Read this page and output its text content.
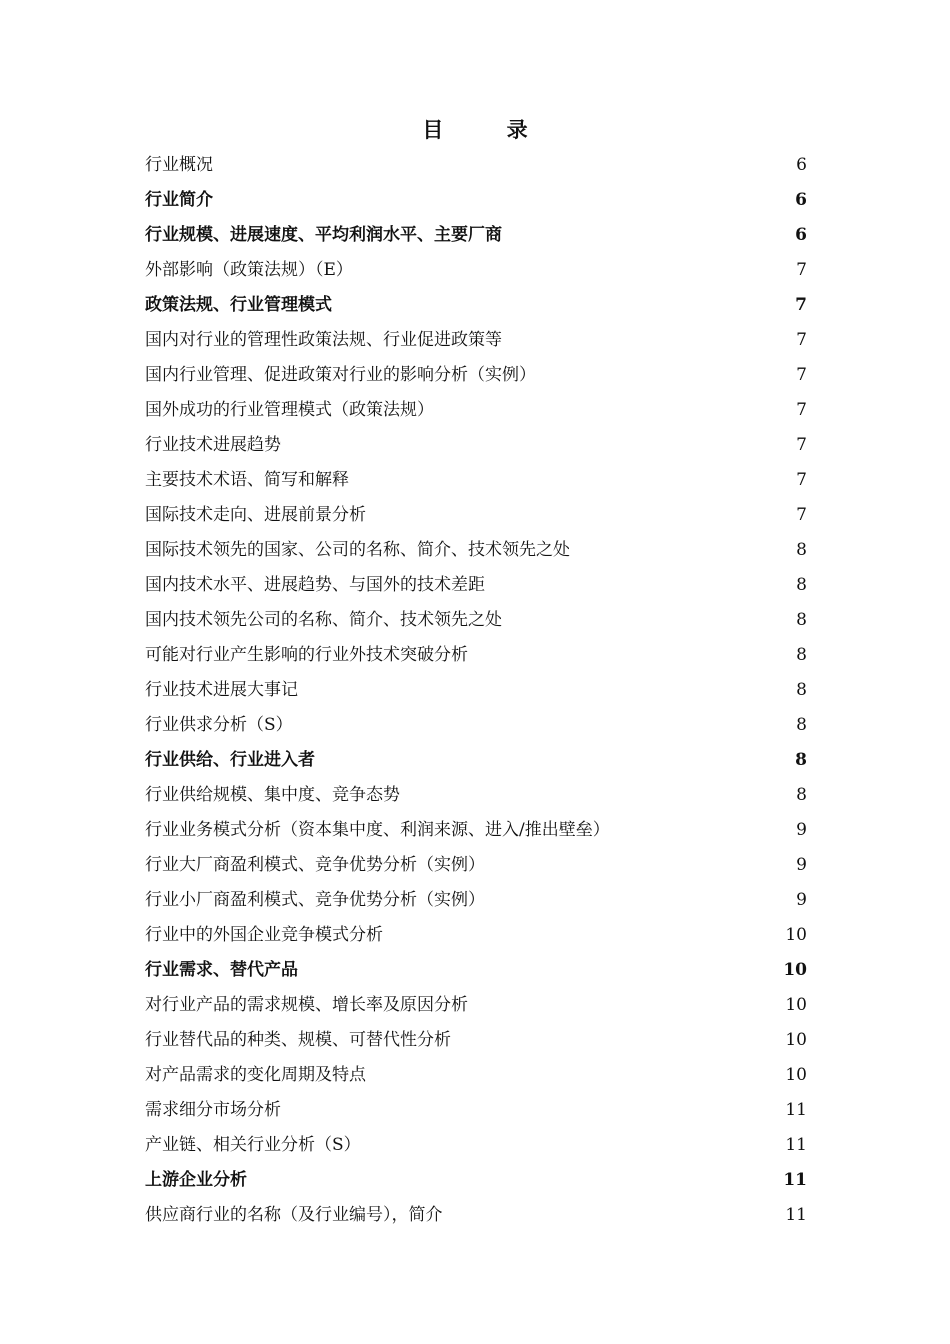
目 录
行业概况	6
行业简介	6
行业规模、进展速度、平均利润水平、主要厂商	6
外部影响（政策法规）（E）	7
政策法规、行业管理模式	7
国内对行业的管理性政策法规、行业促进政策等	7
国内行业管理、促进政策对行业的影响分析（实例）	7
国外成功的行业管理模式（政策法规）	7
行业技术进展趋势	7
主要技术术语、简写和解释	7
国际技术走向、进展前景分析	7
国际技术领先的国家、公司的名称、简介、技术领先之处	8
国内技术水平、进展趋势、与国外的技术差距	8
国内技术领先公司的名称、简介、技术领先之处	8
可能对行业产生影响的行业外技术突破分析	8
行业技术进展大事记	8
行业供求分析（S）	8
行业供给、行业进入者	8
行业供给规模、集中度、竞争态势	8
行业业务模式分析（资本集中度、利润来源、进入/推出壁垒）	9
行业大厂商盈利模式、竞争优势分析（实例）	9
行业小厂商盈利模式、竞争优势分析（实例）	9
行业中的外国企业竞争模式分析	10
行业需求、替代产品	10
对行业产品的需求规模、增长率及原因分析	10
行业替代品的种类、规模、可替代性分析	10
对产品需求的变化周期及特点	10
需求细分市场分析	11
产业链、相关行业分析（S）	11
上游企业分析	11
供应商行业的名称（及行业编号），简介	11
